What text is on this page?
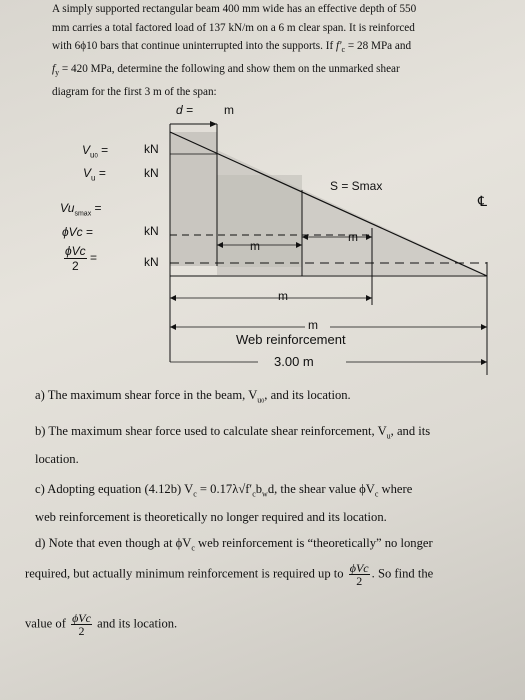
A simply supported rectangular beam 400 mm wide has an effective depth of 550
mm carries a total factored load of 137 kN/m on a 6 m clear span. It is reinforced
with 6ϕ10 bars that continue uninterrupted into the supports. If $f'_c = 28$ MPa and
$f_y = 420$ MPa, determine the following and show them on the unmarked shear
diagram for the first 3 m of the span:
d =	m
$V_{u0}$ =	kN
$V_u$ =	kN
S = Smax
℄
$Vu_{smax}$ =
ϕVc =	kN
$\frac{\text{ϕVc}}{2}$ =	kN
m
m
m
m
Web reinforcement
3.00 m
a) The maximum shear force in the beam, $V_{u0}$, and its location.
b) The maximum shear force used to calculate shear reinforcement, $V_u$, and its
location.
c) Adopting equation (4.12b) $V_c = 0.17\lambda√f'_cb_wd$, the shear value $\phi V_c$ where
web reinforcement is theoretically no longer required and its location.
d) Note that even though at $\phi V_c$ web reinforcement is “theoretically” no longer
required, but actually minimum reinforcement is required up to $\frac{\text{ϕVc}}{2}$ . So find the
value of $\frac{\text{ϕVc}}{2}$ and its location.
